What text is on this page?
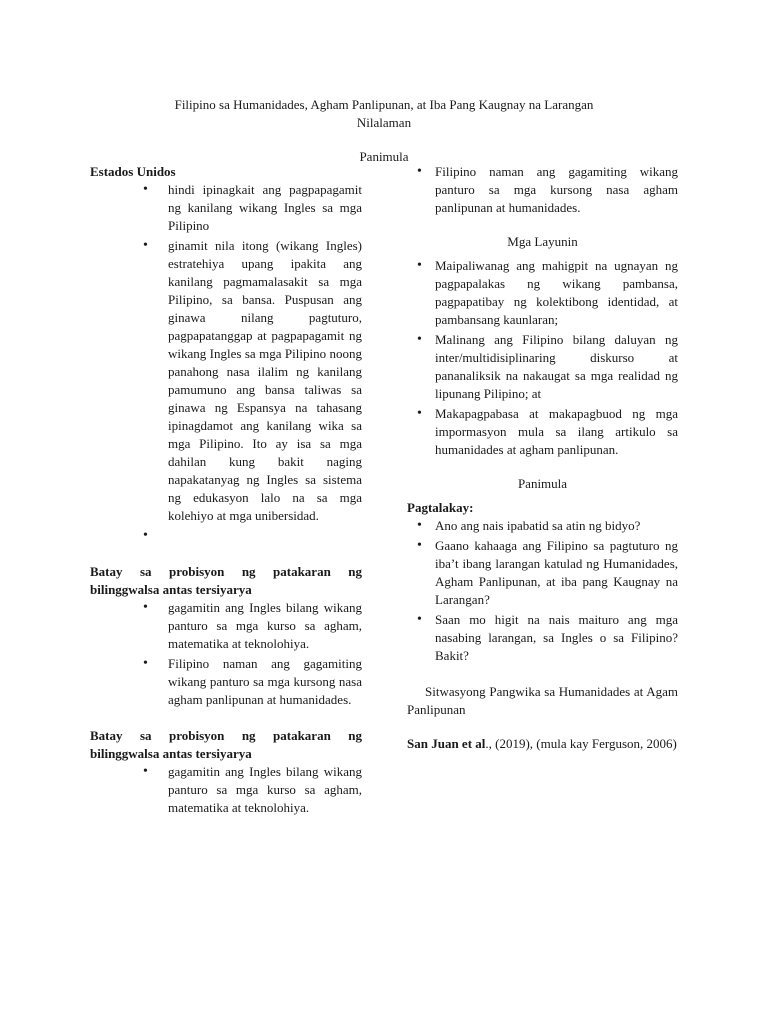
Filipino sa Humanidades, Agham Panlipunan, at Iba Pang Kaugnay na Larangan
Nilalaman
Panimula
Estados Unidos
• hindi ipinagkait ang pagpapagamit ng kanilang wikang Ingles sa mga Pilipino
• ginamit nila itong (wikang Ingles) estratehiya upang ipakita ang kanilang pagmamalasakit sa mga Pilipino, sa bansa. Puspusan ang ginawa nilang pagtuturo, pagpapatanggap at pagpapagamit ng wikang Ingles sa mga Pilipino noong panahong nasa ilalim ng kanilang pamumuno ang bansa taliwas sa ginawa ng Espansya na tahasang ipinagdamot ang kanilang wika sa mga Pilipino. Ito ay isa sa mga dahilan kung bakit naging napakatanyag ng Ingles sa sistema ng edukasyon lalo na sa mga kolehiyo at mga unibersidad.
•
Batay sa probisyon ng patakaran ng bilinggwalsa antas tersiyarya
• gagamitin ang Ingles bilang wikang panturo sa mga kurso sa agham, matematika at teknolohiya.
• Filipino naman ang gagamiting wikang panturo sa mga kursong nasa agham panlipunan at humanidades.
Batay sa probisyon ng patakaran ng bilinggwalsa antas tersiyarya
• gagamitin ang Ingles bilang wikang panturo sa mga kurso sa agham, matematika at teknolohiya.
• Filipino naman ang gagamiting wikang panturo sa mga kursong nasa agham panlipunan at humanidades.
Mga Layunin
• Maipaliwanag ang mahigpit na ugnayan ng pagpapalakas ng wikang pambansa, pagpapatibay ng kolektibong identidad, at pambansang kaunlaran;
• Malinang ang Filipino bilang daluyan ng inter/multidisiplinaring diskurso at pananaliksik na nakaugat sa mga realidad ng lipunang Pilipino; at
• Makapagpabasa at makapagbuod ng mga impormasyon mula sa ilang artikulo sa humanidades at agham panlipunan.
Panimula
Pagtalakay:
• Ano ang nais ipabatid sa atin ng bidyo?
• Gaano kahaaga ang Filipino sa pagtuturo ng iba’t ibang larangan katulad ng Humanidades, Agham Panlipunan, at iba pang Kaugnay na Larangan?
• Saan mo higit na nais maituro ang mga nasabing larangan, sa Ingles o sa Filipino? Bakit?

Sitwasyong Pangwika sa Humanidades at Agam Panlipunan

San Juan et al., (2019), (mula kay Ferguson, 2006)
